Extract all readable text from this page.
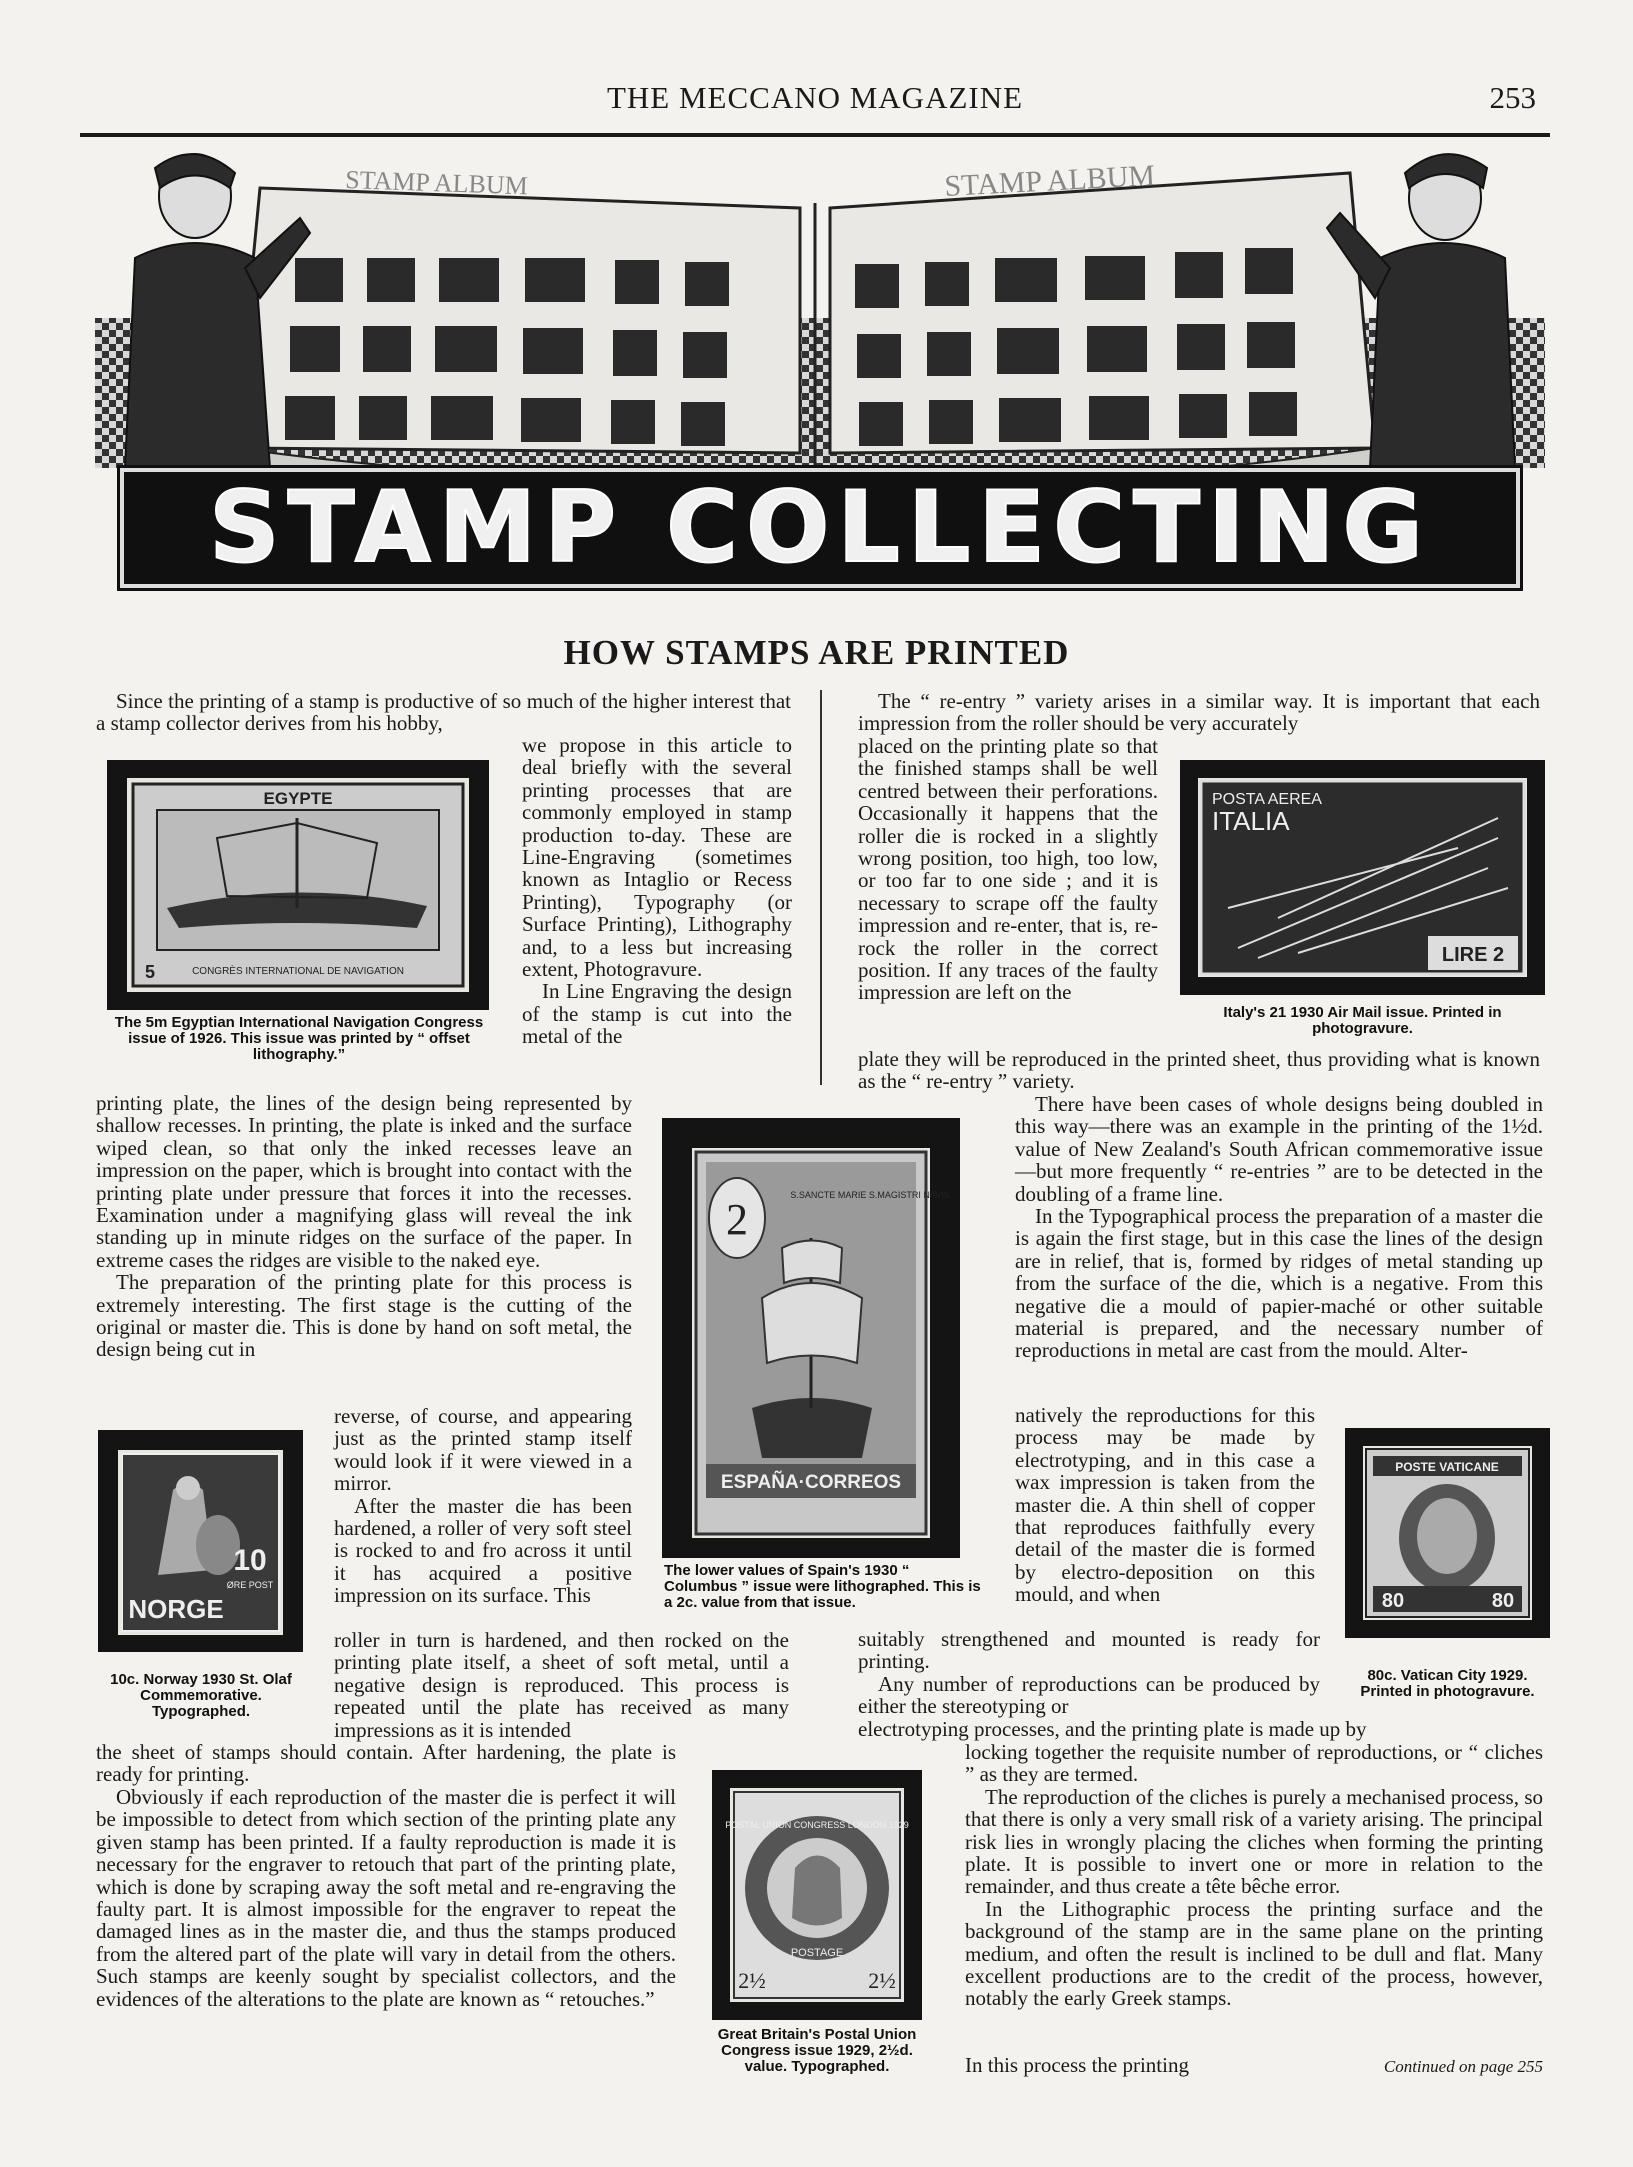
THE MECCANO MAGAZINE	253
STAMP ALBUM	STAMP ALBUM
STAMP COLLECTING
HOW STAMPS ARE PRINTED

Since the printing of a stamp is productive of so much of the higher interest that a stamp collector derives from his hobby,

EGYPTE
CONGRÈS INTERNATIONAL DE NAVIGATION
5
The 5m Egyptian International Navigation Congress issue of 1926. This issue was printed by “ offset lithography.”

we propose in this article to deal briefly with the several printing processes that are commonly employed in stamp production to-day. These are Line-Engraving (sometimes known as Intaglio or Recess Printing), Typography (or Surface Printing), Lithography and, to a less but increasing extent, Photogravure.

In Line Engraving the design of the stamp is cut into the metal of the

printing plate, the lines of the design being represented by shallow recesses. In printing, the plate is inked and the surface wiped clean, so that only the inked recesses leave an impression on the paper, which is brought into contact with the printing plate under pressure that forces it into the recesses. Examination under a magnifying glass will reveal the ink standing up in minute ridges on the surface of the paper. In extreme cases the ridges are visible to the naked eye.

The preparation of the printing plate for this process is extremely interesting. The first stage is the cutting of the original or master die. This is done by hand on soft metal, the design being cut in

10
ØRE POST
NORGE
10c. Norway 1930 St. Olaf Commemorative. Typographed.

reverse, of course, and appearing just as the printed stamp itself would look if it were viewed in a mirror.

After the master die has been hardened, a roller of very soft steel is rocked to and fro across it until it has acquired a positive impression on its surface. This

roller in turn is hardened, and then rocked on the printing plate itself, a sheet of soft metal, until a negative design is reproduced. This process is repeated until the plate has received as many impressions as it is intended

the sheet of stamps should contain. After hardening, the plate is ready for printing.

Obviously if each reproduction of the master die is perfect it will be impossible to detect from which section of the printing plate any given stamp has been printed. If a faulty reproduction is made it is necessary for the engraver to retouch that part of the printing plate, which is done by scraping away the soft metal and re-engraving the faulty part. It is almost impossible for the engraver to repeat the damaged lines as in the master die, and thus the stamps produced from the altered part of the plate will vary in detail from the others. Such stamps are keenly sought by specialist collectors, and the evidences of the alterations to the plate are known as “ retouches.”

2	S.SANCTE MARIE S.MAGISTRI NAVIS
ESPAÑA·CORREOS
The lower values of Spain's 1930 “ Columbus ” issue were lithographed. This is a 2c. value from that issue.
POSTAL UNION CONGRESS LONDON 1929
POSTAGE
2½	2½
Great Britain's Postal Union Congress issue 1929, 2½d. value. Typographed.

The “ re-entry ” variety arises in a similar way. It is important that each impression from the roller should be very accurately

placed on the printing plate so that the finished stamps shall be well centred between their perforations. Occasionally it happens that the roller die is rocked in a slightly wrong position, too high, too low, or too far to one side ; and it is necessary to scrape off the faulty impression and re-enter, that is, re-rock the roller in the correct position. If any traces of the faulty impression are left on the

POSTA AEREA
ITALIA
LIRE 2
Italy's 21 1930 Air Mail issue. Printed in photogravure.

plate they will be reproduced in the printed sheet, thus providing what is known as the “ re-entry ” variety.

There have been cases of whole designs being doubled in this way—there was an example in the printing of the 1½d. value of New Zealand's South African commemorative issue—but more frequently “ re-entries ” are to be detected in the doubling of a frame line.

In the Typographical process the preparation of a master die is again the first stage, but in this case the lines of the design are in relief, that is, formed by ridges of metal standing up from the surface of the die, which is a negative. From this negative die a mould of papier-maché or other suitable material is prepared, and the necessary number of reproductions in metal are cast from the mould. Alter-

natively the reproductions for this process may be made by electrotyping, and in this case a wax impression is taken from the master die. A thin shell of copper that reproduces faithfully every detail of the master die is formed by electro-deposition on this mould, and when

POSTE VATICANE
80	80
80c. Vatican City 1929. Printed in photogravure.

suitably strengthened and mounted is ready for printing.

Any number of reproductions can be produced by either the stereotyping or

electrotyping processes, and the printing plate is made up by

locking together the requisite number of reproductions, or “ cliches ” as they are termed.

The reproduction of the cliches is purely a mechanised process, so that there is only a very small risk of a variety arising. The principal risk lies in wrongly placing the cliches when forming the printing plate. It is possible to invert one or more in relation to the remainder, and thus create a tête bêche error.

In the Lithographic process the printing surface and the background of the stamp are in the same plane on the printing medium, and often the result is inclined to be dull and flat. Many excellent productions are to the credit of the process, however, notably the early Greek stamps.

In this process the printing	Continued on page 255
